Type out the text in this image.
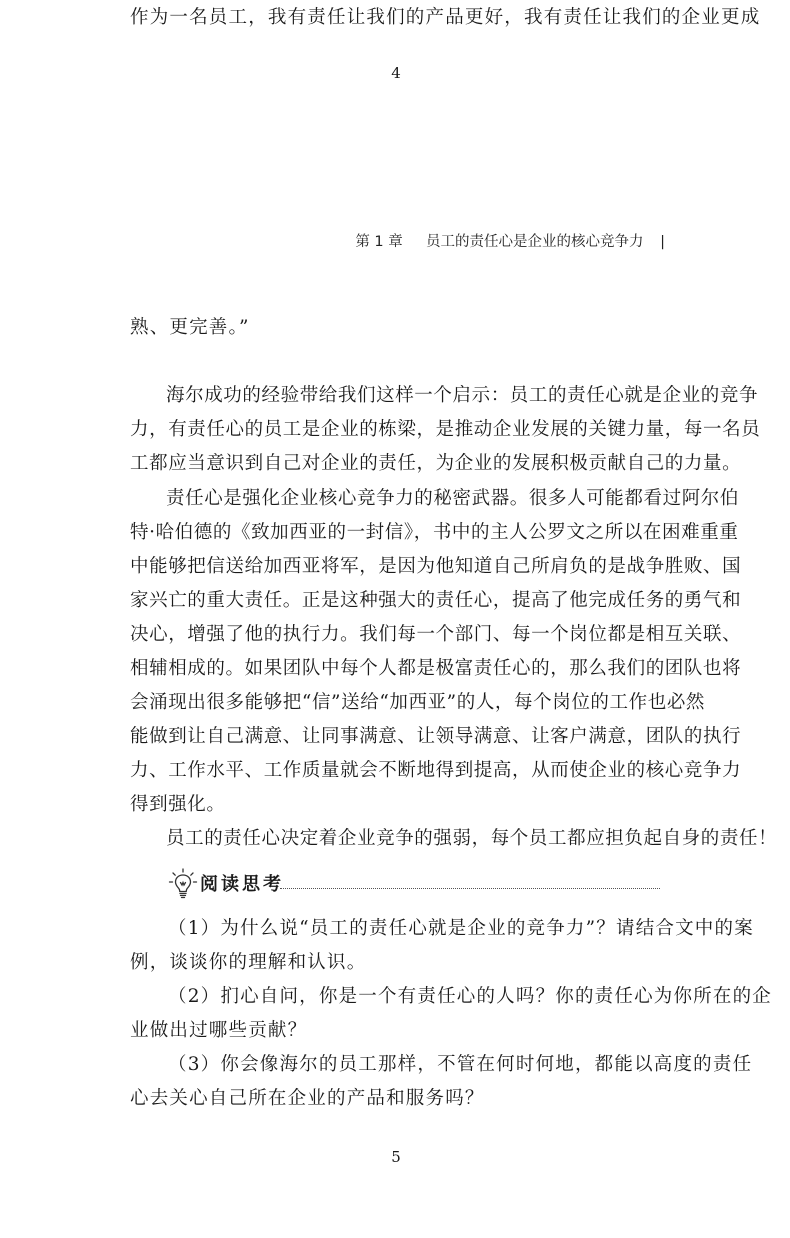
作为一名员工，我有责任让我们的产品更好，我有责任让我们的企业更成
4
第 1 章 员工的责任心是企业的核心竞争力 |
熟、更完善。”
海尔成功的经验带给我们这样一个启示：员工的责任心就是企业的竞争
力，有责任心的员工是企业的栋梁，是推动企业发展的关键力量，每一名员
工都应当意识到自己对企业的责任，为企业的发展积极贡献自己的力量。
责任心是强化企业核心竞争力的秘密武器。很多人可能都看过阿尔伯
特·哈伯德的《致加西亚的一封信》，书中的主人公罗文之所以在困难重重
中能够把信送给加西亚将军，是因为他知道自己所肩负的是战争胜败、国
家兴亡的重大责任。正是这种强大的责任心，提高了他完成任务的勇气和
决心，增强了他的执行力。我们每一个部门、每一个岗位都是相互关联、
相辅相成的。如果团队中每个人都是极富责任心的，那么我们的团队也将
会涌现出很多能够把“信”送给“加西亚”的人，每个岗位的工作也必然
能做到让自己满意、让同事满意、让领导满意、让客户满意，团队的执行
力、工作水平、工作质量就会不断地得到提高，从而使企业的核心竞争力
得到强化。
员工的责任心决定着企业竞争的强弱，每个员工都应担负起自身的责任！
阅读思考
（1）为什么说“员工的责任心就是企业的竞争力”？请结合文中的案
例，谈谈你的理解和认识。
（2）扪心自问，你是一个有责任心的人吗？你的责任心为你所在的企
业做出过哪些贡献？
（3）你会像海尔的员工那样，不管在何时何地，都能以高度的责任
心去关心自己所在企业的产品和服务吗？
5
